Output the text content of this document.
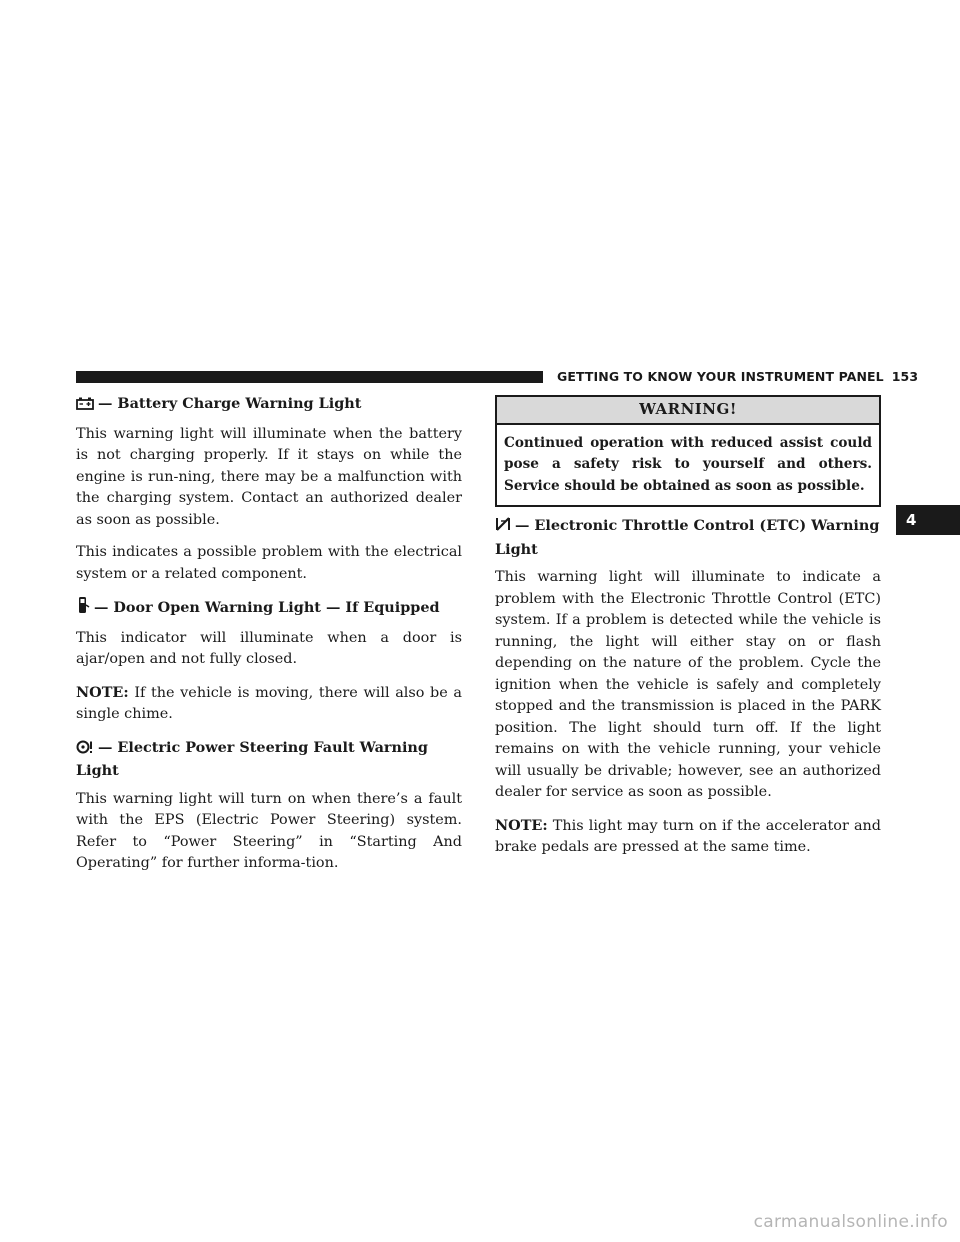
GETTING TO KNOW YOUR INSTRUMENT PANEL 153
— Battery Charge Warning Light

This warning light will illuminate when the battery is not charging properly. If it stays on while the engine is run-ning, there may be a malfunction with the charging system. Contact an authorized dealer as soon as possible.

This indicates a possible problem with the electrical system or a related component.

— Door Open Warning Light — If Equipped

This indicator will illuminate when a door is ajar/open and not fully closed.

NOTE: If the vehicle is moving, there will also be a single chime.

— Electric Power Steering Fault Warning Light

This warning light will turn on when there’s a fault with the EPS (Electric Power Steering) system. Refer to “Power Steering” in “Starting And Operating” for further informa-tion.

WARNING!
Continued operation with reduced assist could pose a safety risk to yourself and others. Service should be obtained as soon as possible.
— Electronic Throttle Control (ETC) Warning Light

This warning light will illuminate to indicate a problem with the Electronic Throttle Control (ETC) system. If a problem is detected while the vehicle is running, the light will either stay on or flash depending on the nature of the problem. Cycle the ignition when the vehicle is safely and completely stopped and the transmission is placed in the PARK position. The light should turn off. If the light remains on with the vehicle running, your vehicle will usually be drivable; however, see an authorized dealer for service as soon as possible.

NOTE: This light may turn on if the accelerator and brake pedals are pressed at the same time.

4
carmanualsonline.info
